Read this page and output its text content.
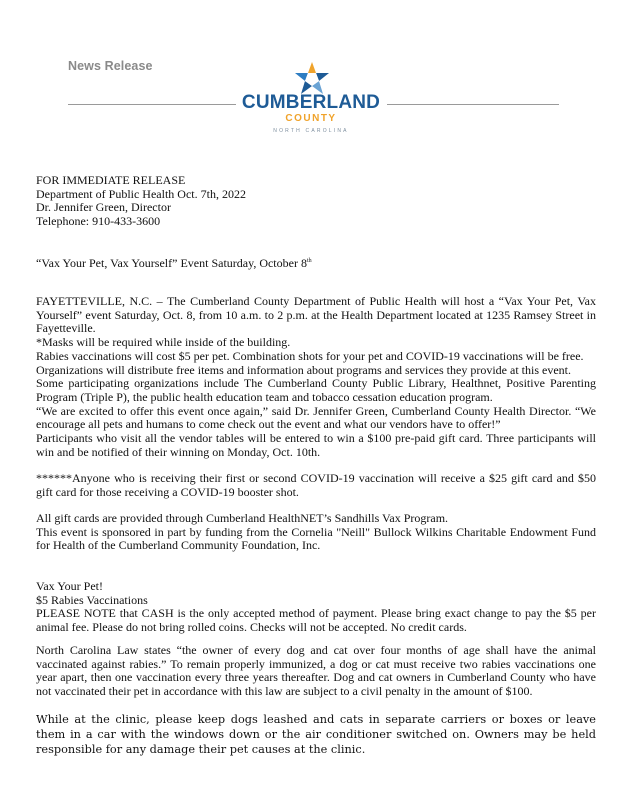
News Release
CUMBERLAND
COUNTY
NORTH CAROLINA

FOR IMMEDIATE RELEASE

Department of Public Health Oct. 7th, 2022

Dr. Jennifer Green, Director

Telephone: 910-433-3600

“Vax Your Pet, Vax Yourself” Event Saturday, October 8th

FAYETTEVILLE, N.C. – The Cumberland County Department of Public Health will host a “Vax Your Pet, Vax Yourself” event Saturday, Oct. 8, from 10 a.m. to 2 p.m. at the Health Department located at 1235 Ramsey Street in Fayetteville.

*Masks will be required while inside of the building.

Rabies vaccinations will cost $5 per pet. Combination shots for your pet and COVID-19 vaccinations will be free.

Organizations will distribute free items and information about programs and services they provide at this event.

Some participating organizations include The Cumberland County Public Library, Healthnet, Positive Parenting Program (Triple P), the public health education team and tobacco cessation education program.

“We are excited to offer this event once again,” said Dr. Jennifer Green, Cumberland County Health Director. “We encourage all pets and humans to come check out the event and what our vendors have to offer!”

Participants who visit all the vendor tables will be entered to win a $100 pre-paid gift card. Three participants will win and be notified of their winning on Monday, Oct. 10th.

******Anyone who is receiving their first or second COVID-19 vaccination will receive a $25 gift card and $50 gift card for those receiving a COVID-19 booster shot.

All gift cards are provided through Cumberland HealthNET’s Sandhills Vax Program.

This event is sponsored in part by funding from the Cornelia "Neill" Bullock Wilkins Charitable Endowment Fund for Health of the Cumberland Community Foundation, Inc.

Vax Your Pet!

$5 Rabies Vaccinations

PLEASE NOTE that CASH is the only accepted method of payment. Please bring exact change to pay the $5 per animal fee. Please do not bring rolled coins. Checks will not be accepted. No credit cards.

North Carolina Law states “the owner of every dog and cat over four months of age shall have the animal vaccinated against rabies.” To remain properly immunized, a dog or cat must receive two rabies vaccinations one year apart, then one vaccination every three years thereafter. Dog and cat owners in Cumberland County who have not vaccinated their pet in accordance with this law are subject to a civil penalty in the amount of $100.

While at the clinic, please keep dogs leashed and cats in separate carriers or boxes or leave them in a car with the windows down or the air conditioner switched on. Owners may be held responsible for any damage their pet causes at the clinic.
